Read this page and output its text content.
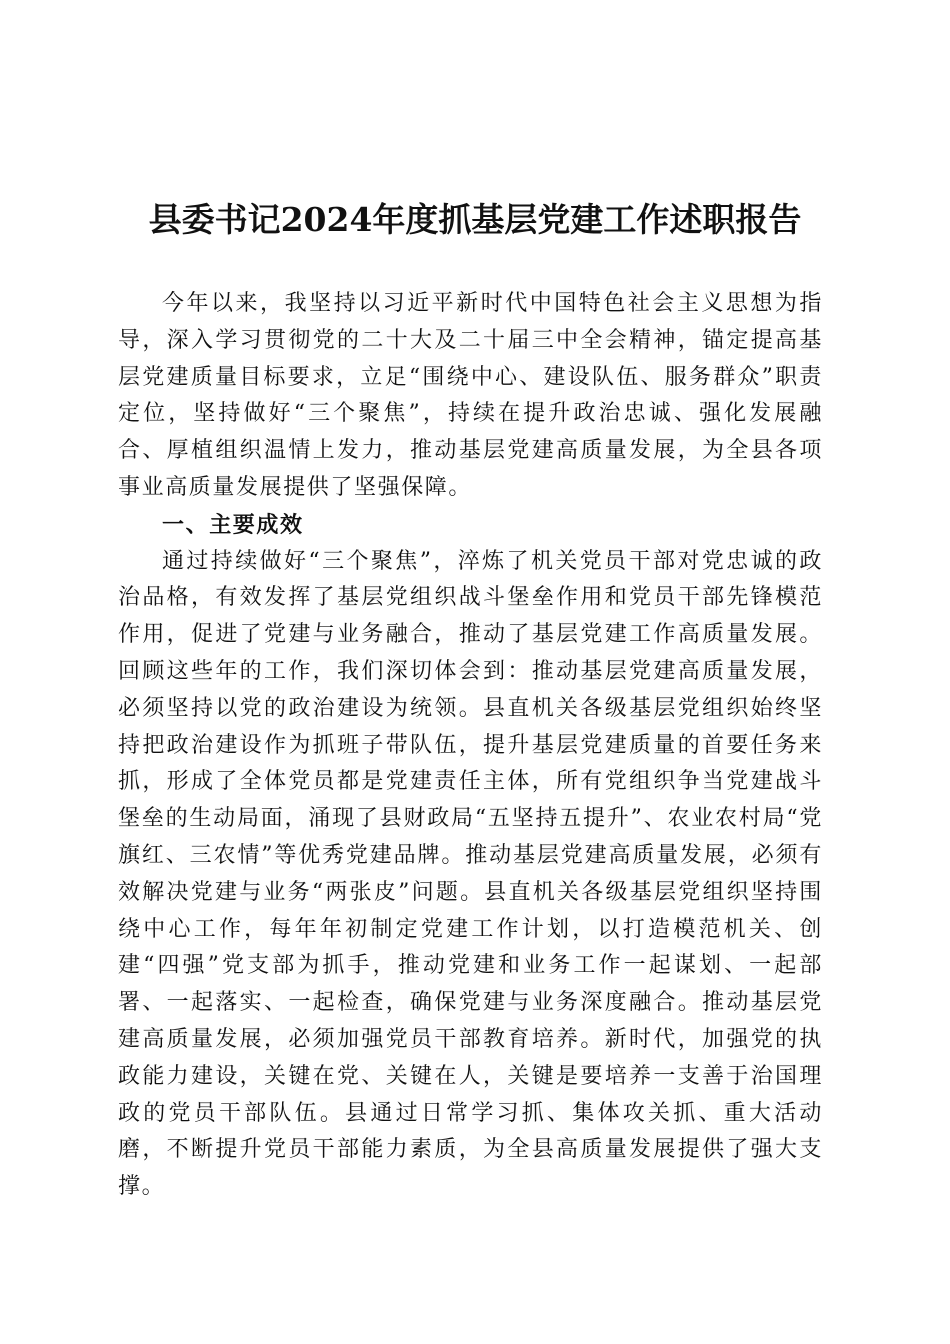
县委书记2024年度抓基层党建工作述职报告

今年以来，我坚持以习近平新时代中国特色社会主义思想为指导，深入学习贯彻党的二十大及二十届三中全会精神，锚定提高基层党建质量目标要求，立足“围绕中心、建设队伍、服务群众”职责定位，坚持做好“三个聚焦”，持续在提升政治忠诚、强化发展融合、厚植组织温情上发力，推动基层党建高质量发展，为全县各项事业高质量发展提供了坚强保障。

一、主要成效

通过持续做好“三个聚焦”，淬炼了机关党员干部对党忠诚的政治品格，有效发挥了基层党组织战斗堡垒作用和党员干部先锋模范作用，促进了党建与业务融合，推动了基层党建工作高质量发展。回顾这些年的工作，我们深切体会到：推动基层党建高质量发展，必须坚持以党的政治建设为统领。县直机关各级基层党组织始终坚持把政治建设作为抓班子带队伍，提升基层党建质量的首要任务来抓，形成了全体党员都是党建责任主体，所有党组织争当党建战斗堡垒的生动局面，涌现了县财政局“五坚持五提升”、农业农村局“党旗红、三农情”等优秀党建品牌。推动基层党建高质量发展，必须有效解决党建与业务“两张皮”问题。县直机关各级基层党组织坚持围绕中心工作，每年年初制定党建工作计划，以打造模范机关、创建“四强”党支部为抓手，推动党建和业务工作一起谋划、一起部署、一起落实、一起检查，确保党建与业务深度融合。推动基层党建高质量发展，必须加强党员干部教育培养。新时代，加强党的执政能力建设，关键在党、关键在人，关键是要培养一支善于治国理政的党员干部队伍。县通过日常学习抓、集体攻关抓、重大活动磨，不断提升党员干部能力素质，为全县高质量发展提供了强大支撑。
